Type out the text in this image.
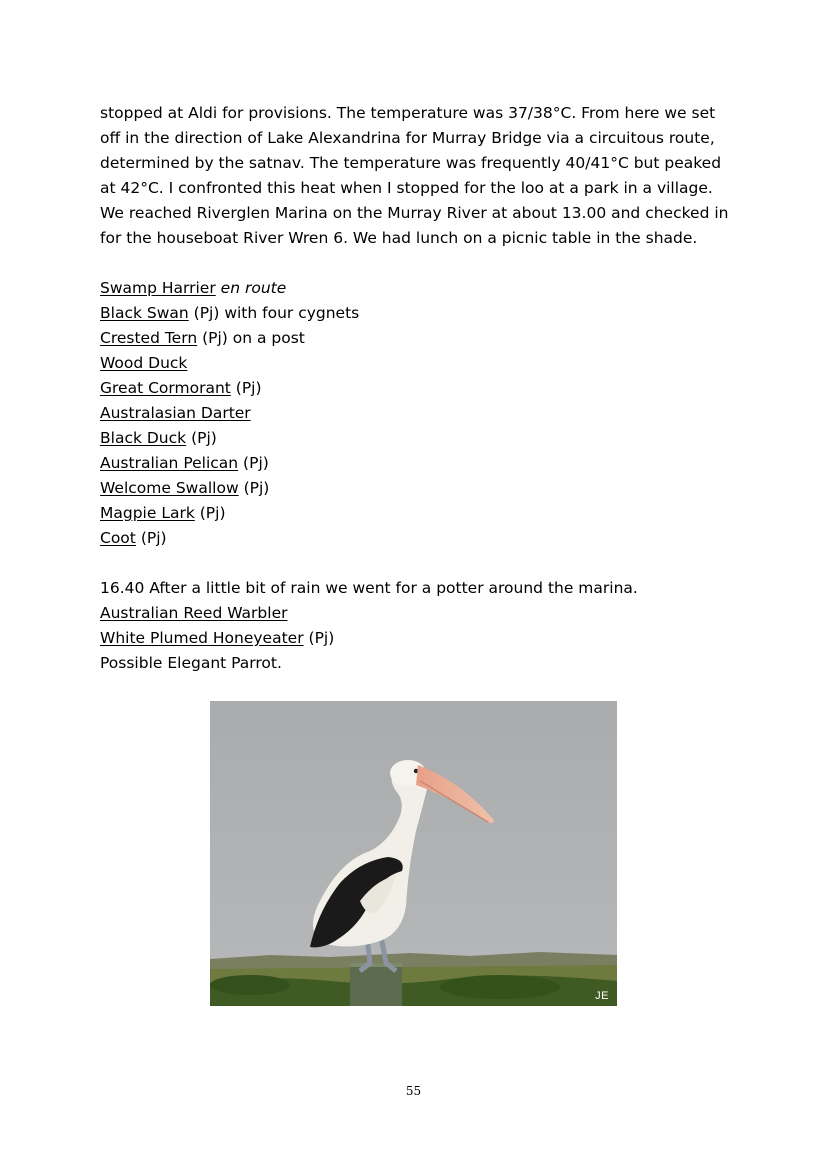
stopped at Aldi for provisions. The temperature was 37/38°C. From here we set off in the direction of Lake Alexandrina for Murray Bridge via a circuitous route, determined by the satnav. The temperature was frequently 40/41°C but peaked at 42°C. I confronted this heat when I stopped for the loo at a park in a village. We reached Riverglen Marina on the Murray River at about 13.00 and checked in for the houseboat River Wren 6. We had lunch on a picnic table in the shade.

Swamp Harrier en route
Black Swan (Pj) with four cygnets
Crested Tern (Pj) on a post
Wood Duck
Great Cormorant (Pj)
Australasian Darter
Black Duck (Pj)
Australian Pelican (Pj)
Welcome Swallow (Pj)
Magpie Lark (Pj)
Coot (Pj)

16.40 After a little bit of rain we went for a potter around the marina.

Australian Reed Warbler
White Plumed Honeyeater (Pj)

Possible Elegant Parrot.

JE
55
